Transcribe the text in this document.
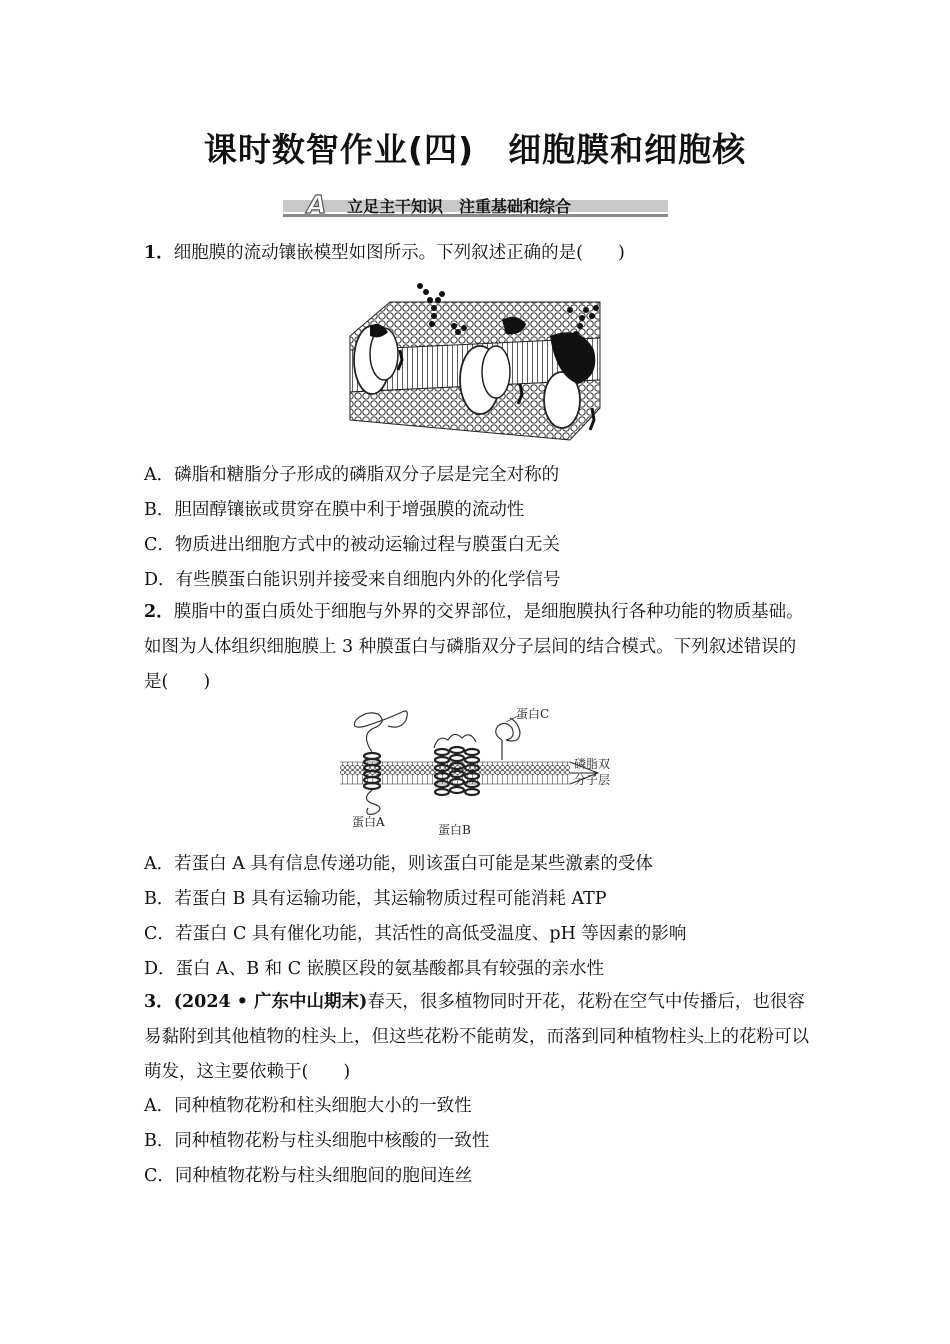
课时数智作业(四)　细胞膜和细胞核
A 立足主干知识　注重基础和综合
1．细胞膜的流动镶嵌模型如图所示。下列叙述正确的是(　　)
A．磷脂和糖脂分子形成的磷脂双分子层是完全对称的
B．胆固醇镶嵌或贯穿在膜中利于增强膜的流动性
C．物质进出细胞方式中的被动运输过程与膜蛋白无关
D．有些膜蛋白能识别并接受来自细胞内外的化学信号
2．膜脂中的蛋白质处于细胞与外界的交界部位，是细胞膜执行各种功能的物质基础。如图为人体组织细胞膜上 3 种膜蛋白与磷脂双分子层间的结合模式。下列叙述错误的是(　　)
蛋白C
磷脂双
分子层
蛋白A
蛋白B
A．若蛋白 A 具有信息传递功能，则该蛋白可能是某些激素的受体
B．若蛋白 B 具有运输功能，其运输物质过程可能消耗 ATP
C．若蛋白 C 具有催化功能，其活性的高低受温度、pH 等因素的影响
D．蛋白 A、B 和 C 嵌膜区段的氨基酸都具有较强的亲水性
3．(2024 • 广东中山期末)春天，很多植物同时开花，花粉在空气中传播后，也很容易黏附到其他植物的柱头上，但这些花粉不能萌发，而落到同种植物柱头上的花粉可以萌发，这主要依赖于(　　)
A．同种植物花粉和柱头细胞大小的一致性
B．同种植物花粉与柱头细胞中核酸的一致性
C．同种植物花粉与柱头细胞间的胞间连丝
